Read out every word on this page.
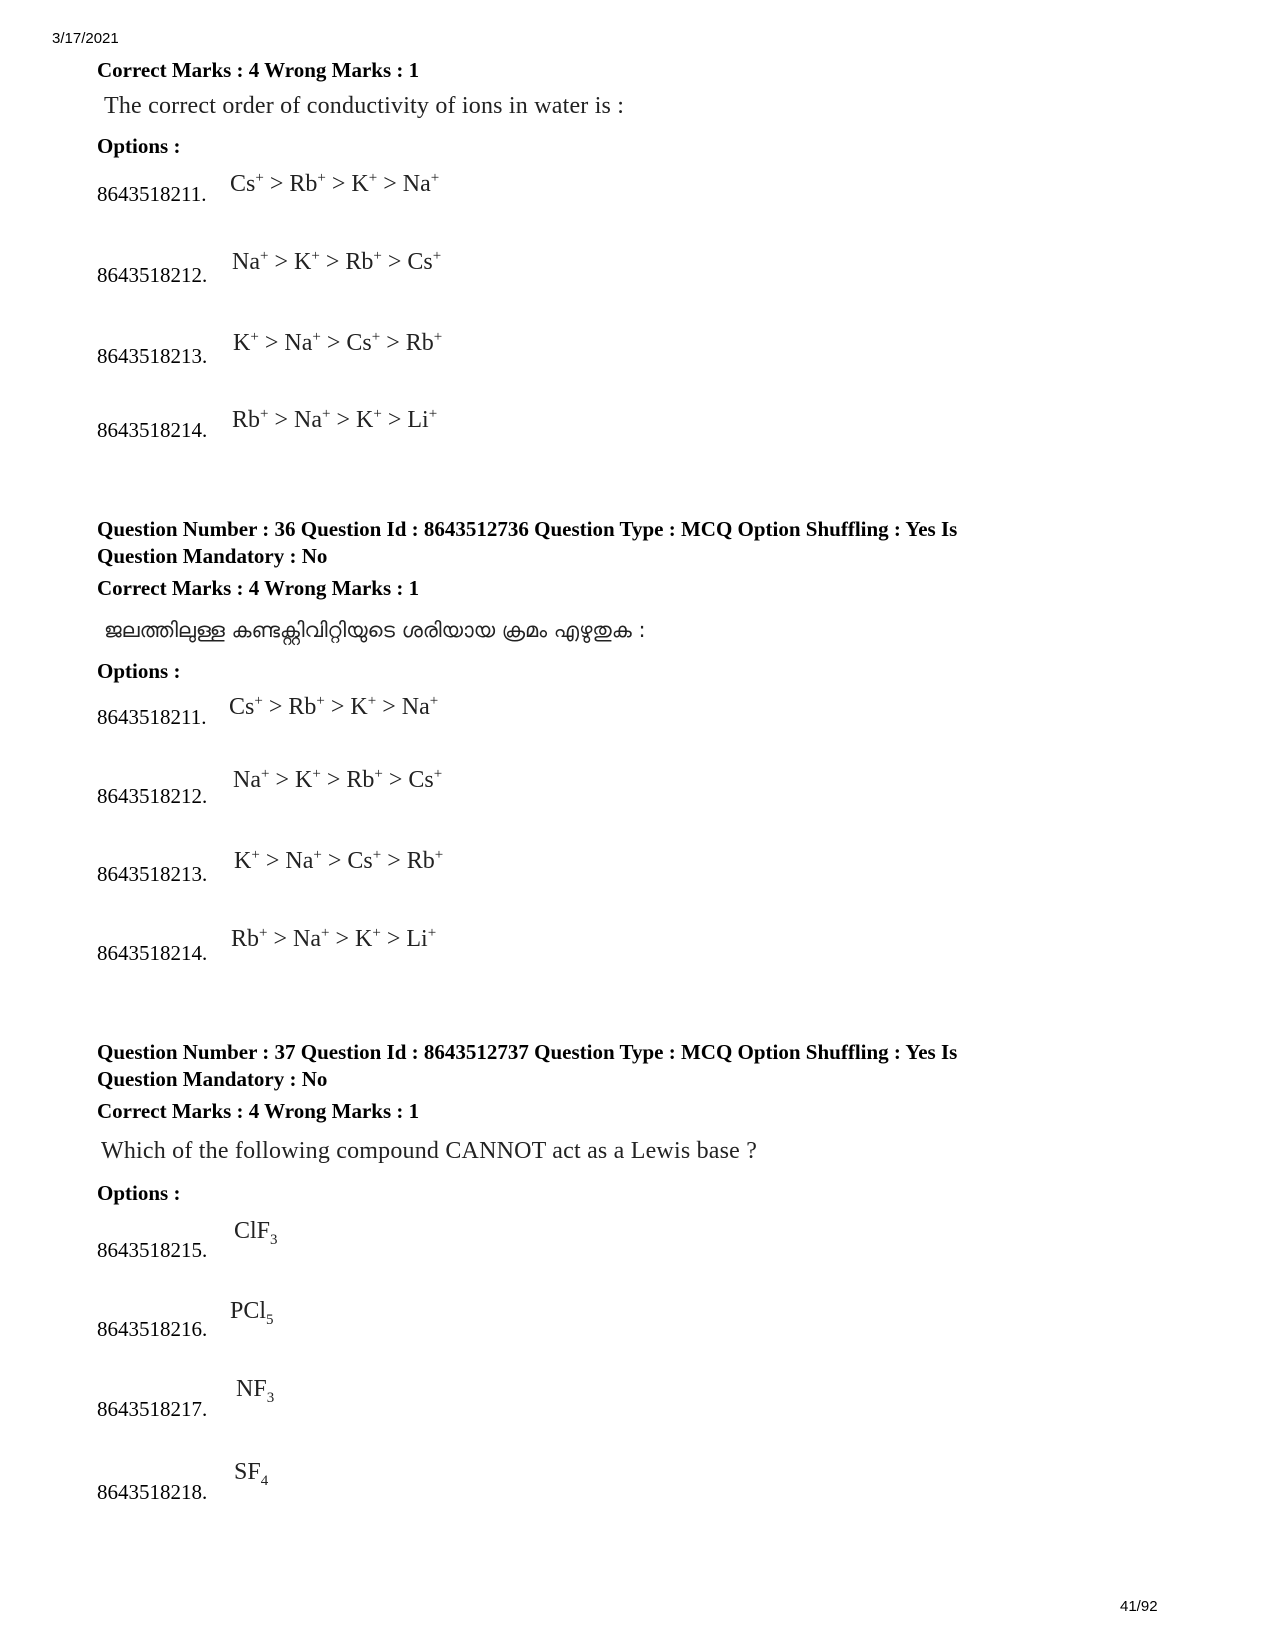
3/17/2021
Correct Marks : 4 Wrong Marks : 1
The correct order of conductivity of ions in water is :
Options :
8643518211. Cs+ > Rb+ > K+ > Na+
8643518212. Na+ > K+ > Rb+ > Cs+
8643518213. K+ > Na+ > Cs+ > Rb+
8643518214. Rb+ > Na+ > K+ > Li+
Question Number : 36 Question Id : 8643512736 Question Type : MCQ Option Shuffling : Yes Is
Question Mandatory : No
Correct Marks : 4 Wrong Marks : 1
ജലത്തിലുള്ള കണ്ടക്റ്റിവിറ്റിയുടെ ശരിയായ ക്രമം എഴുതുക :
Options :
8643518211. Cs+ > Rb+ > K+ > Na+
8643518212.
Na+ > K+ > Rb+ > Cs+
8643518213. K+ > Na+ > Cs+ > Rb+
8643518214.
Rb+ > Na+ > K+ > Li+
Question Number : 37 Question Id : 8643512737 Question Type : MCQ Option Shuffling : Yes Is
Question Mandatory : No
Correct Marks : 4 Wrong Marks : 1
Which of the following compound CANNOT act as a Lewis base ?
Options :
8643518215.
ClF$_3$
8643518216.
PCl$_5$
8643518217.
$NF_3$
8643518218.
$SF_4$
41/92
